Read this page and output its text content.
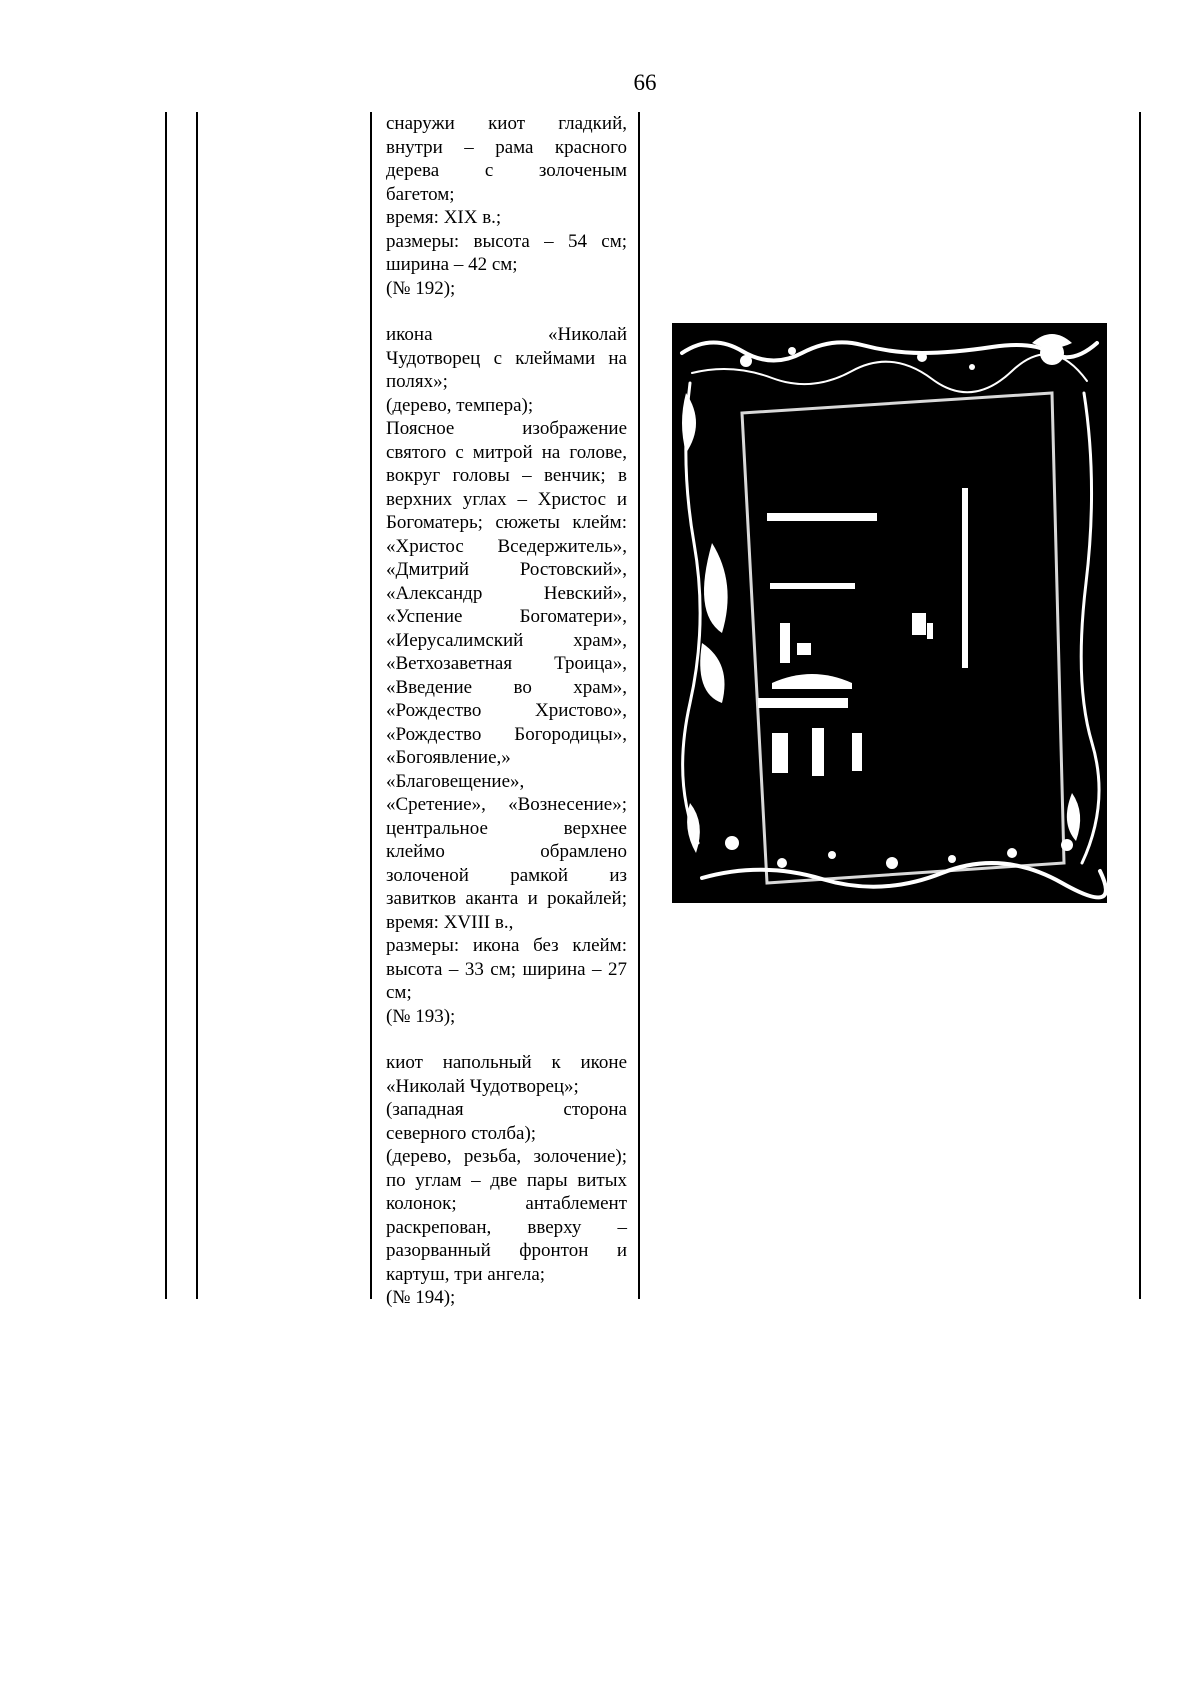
66
снаружи киот гладкий,
внутри – рама красного
дерева с золоченым
багетом;
время: XIX в.;
размеры: высота – 54 см;
ширина – 42 см;
(№ 192);
икона «Николай
Чудотворец с клеймами на
полях»;
(дерево, темпера);
Поясное изображение
святого с митрой на голове,
вокруг головы – венчик; в
верхних углах – Христос и
Богоматерь; сюжеты клейм:
«Христос Вседержитель»,
«Дмитрий Ростовский»,
«Александр Невский»,
«Успение Богоматери»,
«Иерусалимский храм»,
«Ветхозаветная Троица»,
«Введение во храм»,
«Рождество Христово»,
«Рождество Богородицы»,
«Богоявление,»
«Благовещение»,
«Сретение», «Вознесение»;
центральное верхнее
клеймо обрамлено
золоченой рамкой из
завитков аканта и рокайлей;
время: XVIII в.,
размеры: икона без клейм:
высота – 33 см; ширина – 27
см;
(№ 193);
киот напольный к иконе
«Николай Чудотворец»;
(западная сторона
северного столба);
(дерево, резьба, золочение);
по углам – две пары витых
колонок; антаблемент
раскрепован, вверху –
разорванный фронтон и
картуш, три ангела;
(№ 194);
